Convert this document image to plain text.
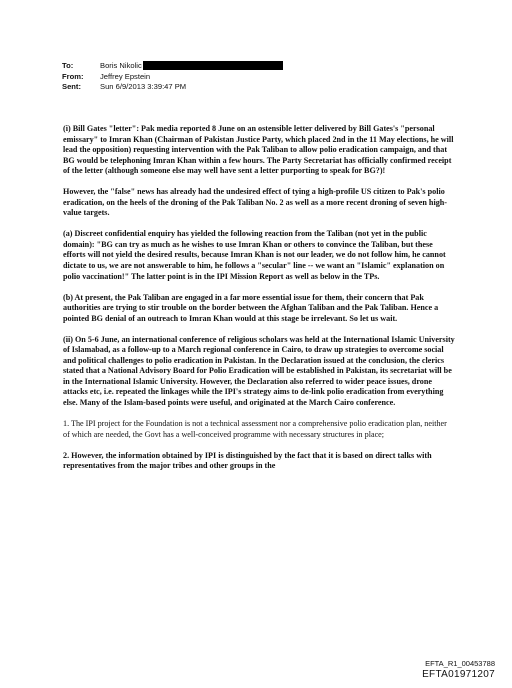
To:	Boris Nikolic
From:	Jeffrey Epstein
Sent:	Sun 6/9/2013 3:39:47 PM

(i) Bill Gates "letter": Pak media reported 8 June on an ostensible letter delivered by Bill Gates's "personal emissary" to Imran Khan (Chairman of Pakistan Justice Party, which placed 2nd in the 11 May elections, he will lead the opposition) requesting intervention with the Pak Taliban to allow polio eradication campaign, and that BG would be telephoning Imran Khan within a few hours. The Party Secretariat has officially confirmed receipt of the letter (although someone else may well have sent a letter purporting to speak for BG?)!

However, the "false" news has already had the undesired effect of tying a high-profile US citizen to Pak's polio eradication, on the heels of the droning of the Pak Taliban No. 2 as well as a more recent droning of seven high-value targets.

(a) Discreet confidential enquiry has yielded the following reaction from the Taliban (not yet in the public domain): "BG can try as much as he wishes to use Imran Khan or others to convince the Taliban, but these efforts will not yield the desired results, because Imran Khan is not our leader, we do not follow him, he cannot dictate to us, we are not answerable to him, he follows a "secular" line -- we want an "Islamic" explanation on polio vaccination!" The latter point is in the IPI Mission Report as well as below in the TPs.

(b) At present, the Pak Taliban are engaged in a far more essential issue for them, their concern that Pak authorities are trying to stir trouble on the border between the Afghan Taliban and the Pak Taliban. Hence a pointed BG denial of an outreach to Imran Khan would at this stage be irrelevant. So let us wait.

(ii) On 5-6 June, an international conference of religious scholars was held at the International Islamic University of Islamabad, as a follow-up to a March regional conference in Cairo, to draw up strategies to overcome social and political challenges to polio eradication in Pakistan. In the Declaration issued at the conclusion, the clerics stated that a National Advisory Board for Polio Eradication will be established in Pakistan, its secretariat will be in the International Islamic University. However, the Declaration also referred to wider peace issues, drone attacks etc, i.e. repeated the linkages while the IPI's strategy aims to de-link polio eradication from everything else. Many of the Islam-based points were useful, and originated at the March Cairo conference.

1. The IPI project for the Foundation is not a technical assessment nor a comprehensive polio eradication plan, neither of which are needed, the Govt has a well-conceived programme with necessary structures in place;

2. However, the information obtained by IPI is distinguished by the fact that it is based on direct talks with representatives from the major tribes and other groups in the

EFTA_R1_00453788
EFTA01971207
